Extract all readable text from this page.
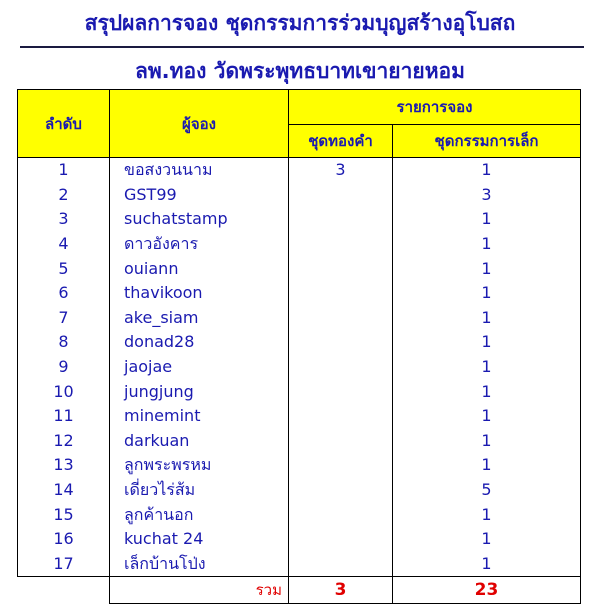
สรุปผลการจอง ชุดกรรมการร่วมบุญสร้างอุโบสถ
ลพ.ทอง วัดพระพุทธบาทเขายายหอม
ลำดับ	ผู้จอง	รายการจอง	
		ชุดทองคำ	ชุดกรรมการเล็ก
1	ขอสงวนนาม	3	1
2	GST99		3
3	suchatstamp		1
4	ดาวอังคาร		1
5	ouiann		1
6	thavikoon		1
7	ake_siam		1
8	donad28		1
9	jaojae		1
10	jungjung		1
11	minemint		1
12	darkuan		1
13	ลูกพระพรหม		1
14	เดี่ยวไร่ส้ม		5
15	ลูกค้านอก		1
16	kuchat 24		1
17	เล็กบ้านโป่ง		1
	รวม	3	23
